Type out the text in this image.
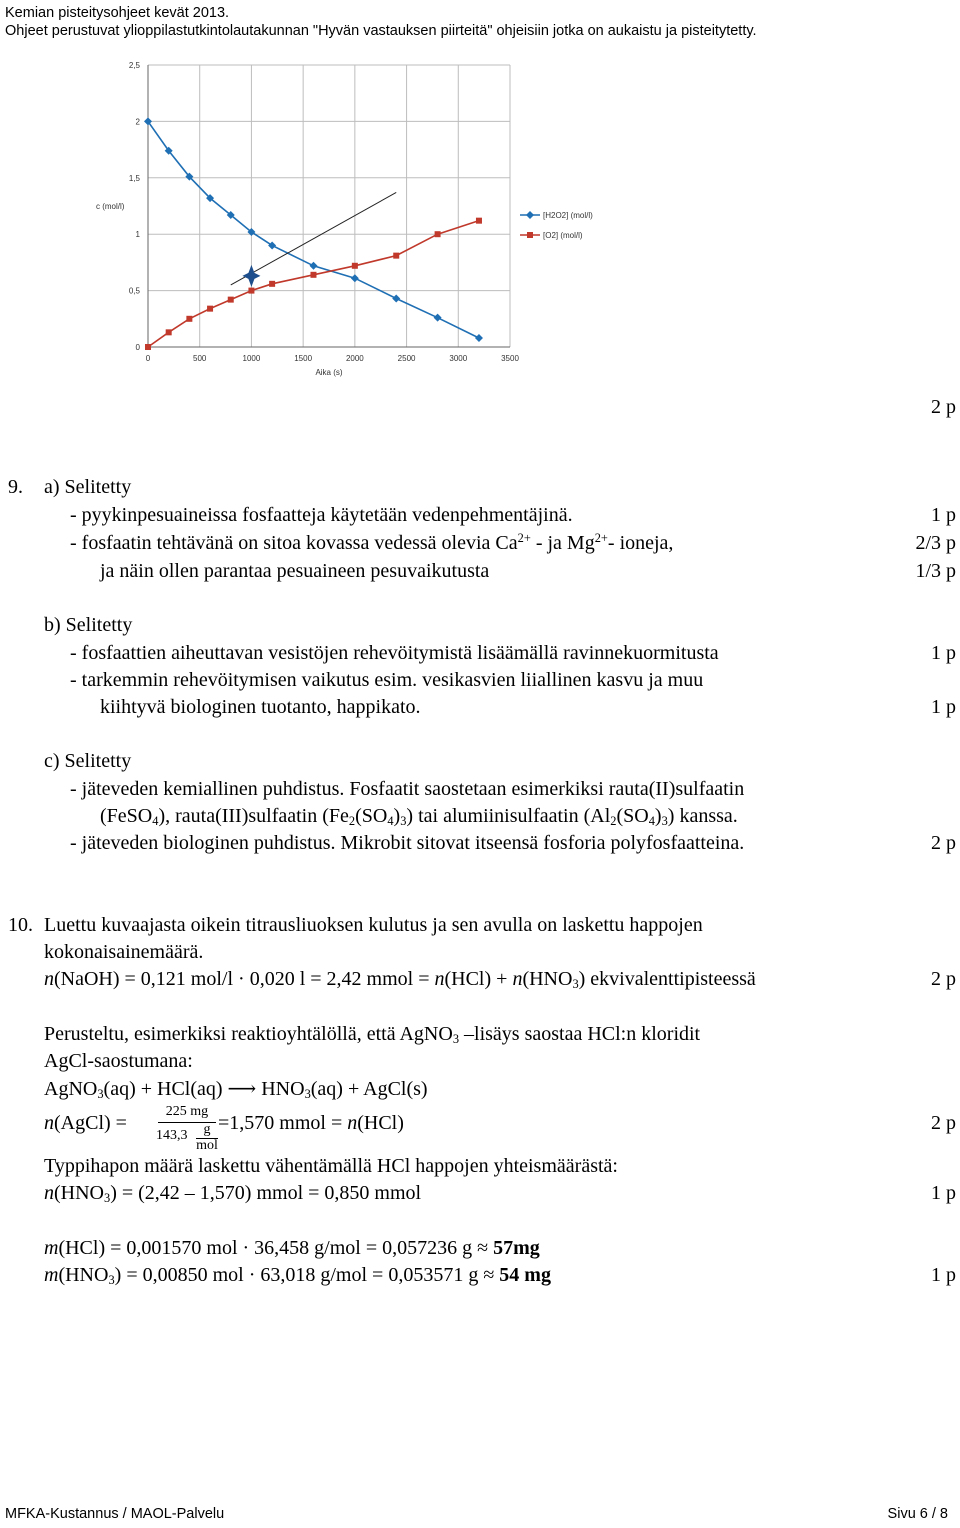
Kemian pisteitysohjeet kevät 2013.
Ohjeet perustuvat ylioppilastutkintolautakunnan "Hyvän vastauksen piirteitä" ohjeisiin jotka on aukaistu ja pisteitytetty.
0
0,5
1
1,5
2
2,5
0	500	1000	1500	2000	2500	3000	3500
c (mol/l)
Aika (s)
[H2O2] (mol/l)
[O2] (mol/l)
2 p
9. a) Selitetty
- pyykinpesuaineissa fosfaatteja käytetään vedenpehmentäjinä.	1 p
- fosfaatin tehtävänä on sitoa kovassa vedessä olevia $Ca^{2+}$ - ja $Mg^{2+}-$ ioneja,	2/3 p
ja näin ollen parantaa pesuaineen pesuvaikutusta	1/3 p
b) Selitetty
- fosfaattien aiheuttavan vesistöjen rehevöitymistä lisäämällä ravinnekuormitusta	1 p
- tarkemmin rehevöitymisen vaikutus esim. vesikasvien liiallinen kasvu ja muu
kiihtyvä biologinen tuotanto, happikato.	1 p
c) Selitetty
- jäteveden kemiallinen puhdistus. Fosfaatit saostetaan esimerkiksi rauta(II)sulfaatin
(FeSO$_4$), rauta(III)sulfaatin $(Fe_2(SO_4)_3)$ tai alumiinisulfaatin $(Al_2(SO_4)_3)$ kanssa.
- jäteveden biologinen puhdistus. Mikrobit sitovat itseensä fosforia polyfosfaatteina.	2 p
10. Luettu kuvaajasta oikein titrausliuoksen kulutus ja sen avulla on laskettu happojen
kokonaisainemäärä.
n(NaOH) = 0,121 mol/l · 0,020 l = 2,42 mmol = $n(HCl) + n(HNO_3)$ ekvivalenttipisteessä	2 p
Perusteltu, esimerkiksi reaktioyhtälöllä, että AgNO$_3$ –lisäys saostaa HCl:n kloridit
AgCl-saostumana:
AgNO$_3$(aq) + HCl(aq) ⟶ $HNO_3(aq)$ + AgCl(s)
n(AgCl) =
225 mg
143,3	g
mol
=1,570 mmol = n(HCl)	2 p
Typpihapon määrä laskettu vähentämällä HCl happojen yhteismäärästä:
$n(HNO_3) = (2,42 - 1,570)$ mmol = 0,850 mmol	1 p
m(HCl) = 0,001570 mol · 36,458 g/mol = 0,057236 g ≈ 57mg
$m(HNO_3) = 0,00850$ mol · 63,018 g/mol = 0,053571 g ≈ 54 mg	1 p
MFKA-Kustannus / MAOL-Palvelu	Sivu 6 / 8
